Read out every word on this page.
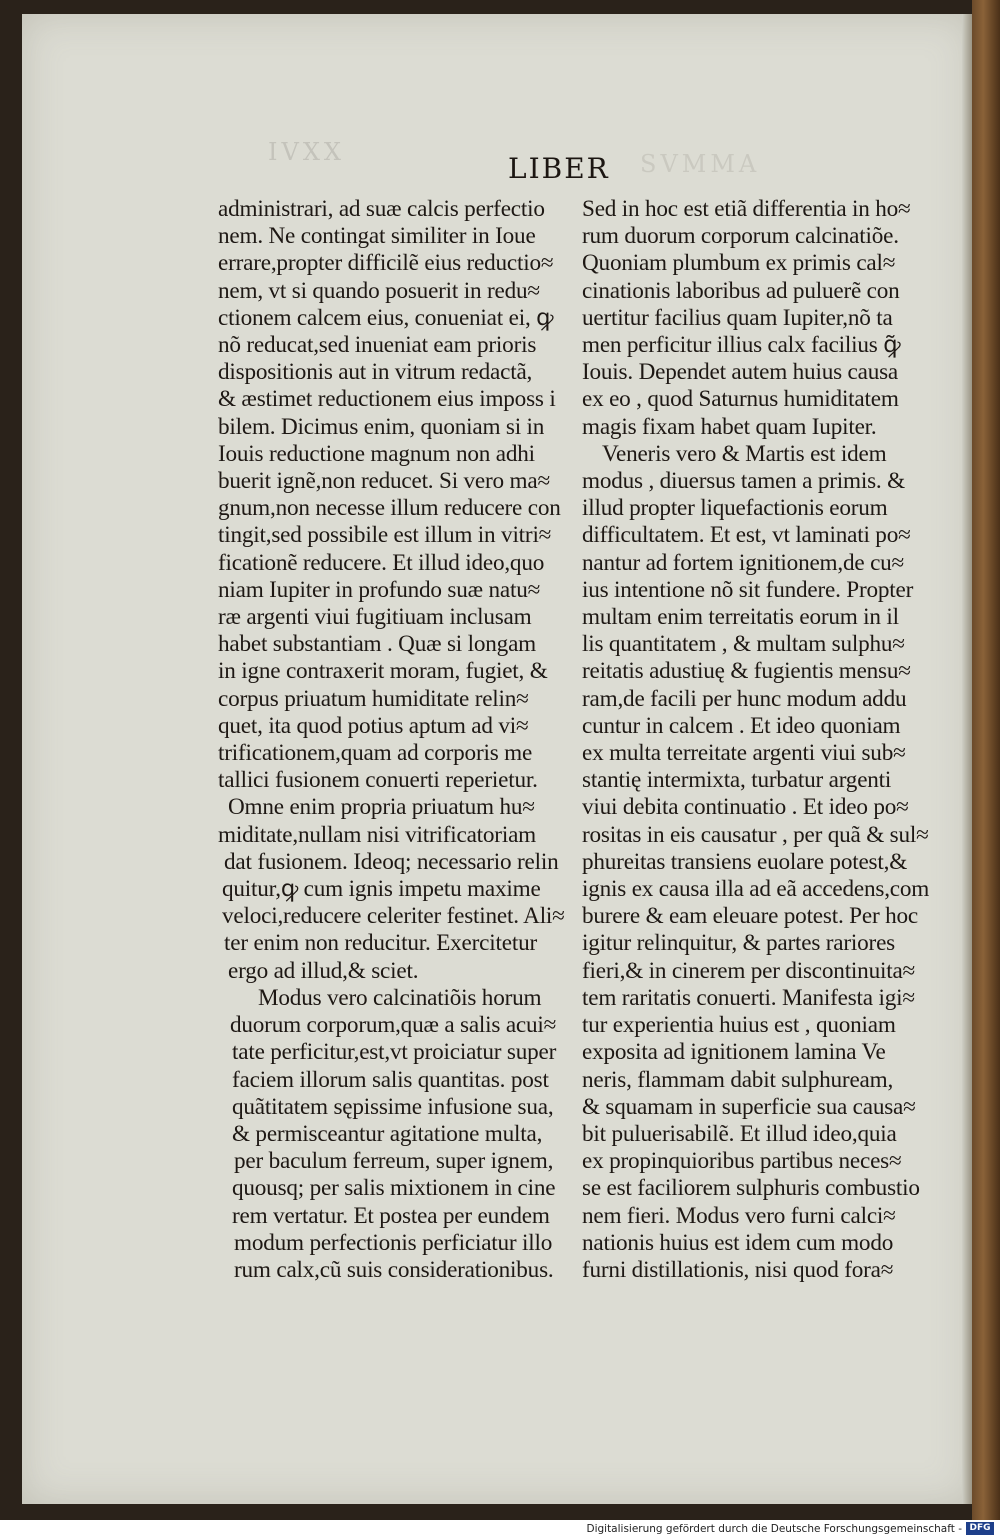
IVXX	SVMMA
LIBER
administrari, ad suæ calcis perfectio
nem. Ne contingat similiter in Ioue
errare,propter difficilẽ eius reductio≈
nem, vt si quando posuerit in redu≈
ctionem calcem eius, conueniat ei, ꝙ
nõ reducat,sed inueniat eam prioris
dispositionis aut in vitrum redactã,
& æstimet reductionem eius imposs i
bilem. Dicimus enim, quoniam si in
Iouis reductione magnum non adhi
buerit ignẽ,non reducet. Si vero ma≈
gnum,non necesse illum reducere con
tingit,sed possibile est illum in vitri≈
ficationẽ reducere. Et illud ideo,quo
niam Iupiter in profundo suæ natu≈
ræ argenti viui fugitiuam inclusam
habet substantiam . Quæ si longam
in igne contraxerit moram, fugiet, &
corpus priuatum humiditate relin≈
quet, ita quod potius aptum ad vi≈
trificationem,quam ad corporis me
tallici fusionem conuerti reperietur.
Omne enim propria priuatum hu≈
miditate,nullam nisi vitrificatoriam
dat fusionem. Ideoq; necessario relin
quitur,ꝙ cum ignis impetu maxime
veloci,reducere celeriter festinet. Ali≈
ter enim non reducitur. Exercitetur
ergo ad illud,& sciet.
Modus vero calcinatiõis horum
duorum corporum,quæ a salis acui≈
tate perficitur,est,vt proiciatur super
faciem illorum salis quantitas. post
quãtitatem sępissime infusione sua,
& permisceantur agitatione multa,
per baculum ferreum, super ignem,
quousq; per salis mixtionem in cine
rem vertatur. Et postea per eundem
modum perfectionis perficiatur illo
rum calx,cũ suis considerationibus.
Sed in hoc est etiã differentia in ho≈
rum duorum corporum calcinatiõe.
Quoniam plumbum ex primis cal≈
cinationis laboribus ad puluerẽ con
uertitur facilius quam Iupiter,nõ ta
men perficitur illius calx facilius ꝙ̃
Iouis. Dependet autem huius causa
ex eo , quod Saturnus humiditatem
magis fixam habet quam Iupiter.
Veneris vero & Martis est idem
modus , diuersus tamen a primis. &
illud propter liquefactionis eorum
difficultatem. Et est, vt laminati po≈
nantur ad fortem ignitionem,de cu≈
ius intentione nõ sit fundere. Propter
multam enim terreitatis eorum in il
lis quantitatem , & multam sulphu≈
reitatis adustiuę & fugientis mensu≈
ram,de facili per hunc modum addu
cuntur in calcem . Et ideo quoniam
ex multa terreitate argenti viui sub≈
stantię intermixta, turbatur argenti
viui debita continuatio . Et ideo po≈
rositas in eis causatur , per quã & sul≈
phureitas transiens euolare potest,&
ignis ex causa illa ad eã accedens,com
burere & eam eleuare potest. Per hoc
igitur relinquitur, & partes rariores
fieri,& in cinerem per discontinuita≈
tem raritatis conuerti. Manifesta igi≈
tur experientia huius est , quoniam
exposita ad ignitionem lamina Ve
neris, flammam dabit sulphuream,
& squamam in superficie sua causa≈
bit puluerisabilẽ. Et illud ideo,quia
ex propinquioribus partibus neces≈
se est faciliorem sulphuris combustio
nem fieri. Modus vero furni calci≈
nationis huius est idem cum modo
furni distillationis, nisi quod fora≈
Digitalisierung gefördert durch die Deutsche Forschungsgemeinschaft - DFG
